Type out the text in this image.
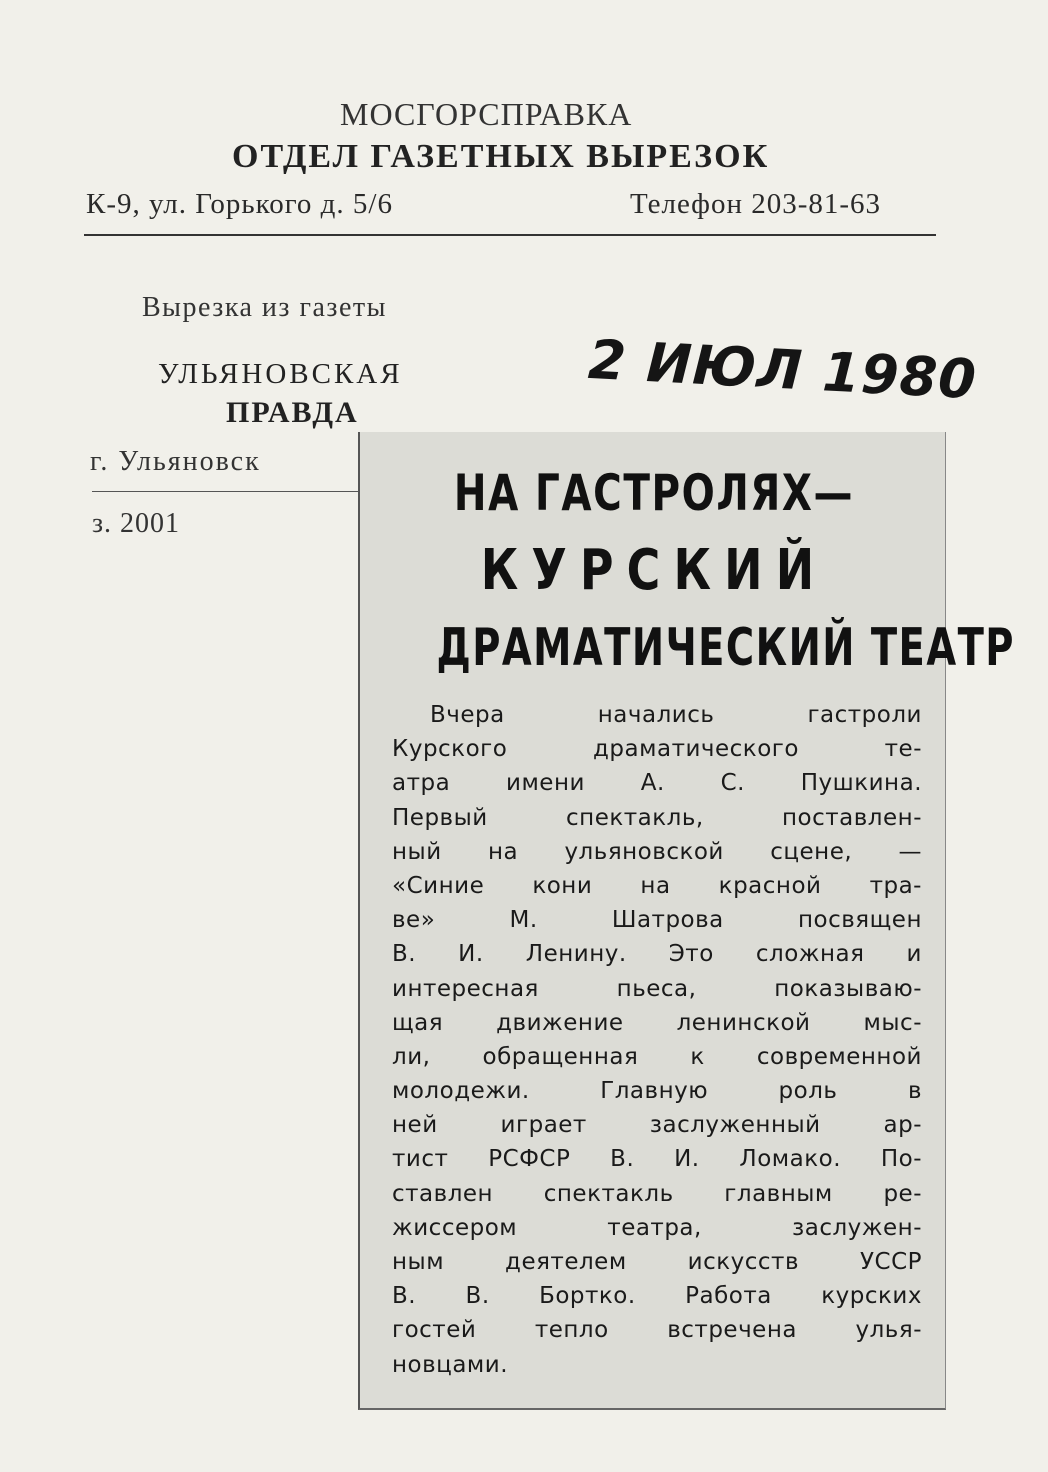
МОСГОРСПРАВКА
ОТДЕЛ ГАЗЕТНЫХ ВЫРЕЗОК
К-9, ул. Горького д. 5/6	Телефон 203-81-63
Вырезка из газеты
УЛЬЯНОВСКАЯ
ПРАВДА
г. Ульяновск
з. 2001
2 ИЮЛ 1980
НА ГАСТРОЛЯХ—
КУРСКИЙ
ДРАМАТИЧЕСКИЙ ТЕАТР
Вчера начались гастроли
Курского драматического те-
атра имени А. С. Пушкина.
Первый спектакль, поставлен-
ный на ульяновской сцене, —
«Синие кони на красной тра-
ве» М. Шатрова посвящен
В. И. Ленину. Это сложная и
интересная пьеса, показываю-
щая движение ленинской мыс-
ли, обращенная к современной
молодежи. Главную роль в
ней играет заслуженный ар-
тист РСФСР В. И. Ломако. По-
ставлен спектакль главным ре-
жиссером театра, заслужен-
ным деятелем искусств УССР
В. В. Бортко. Работа курских
гостей тепло встречена улья-
новцами.
